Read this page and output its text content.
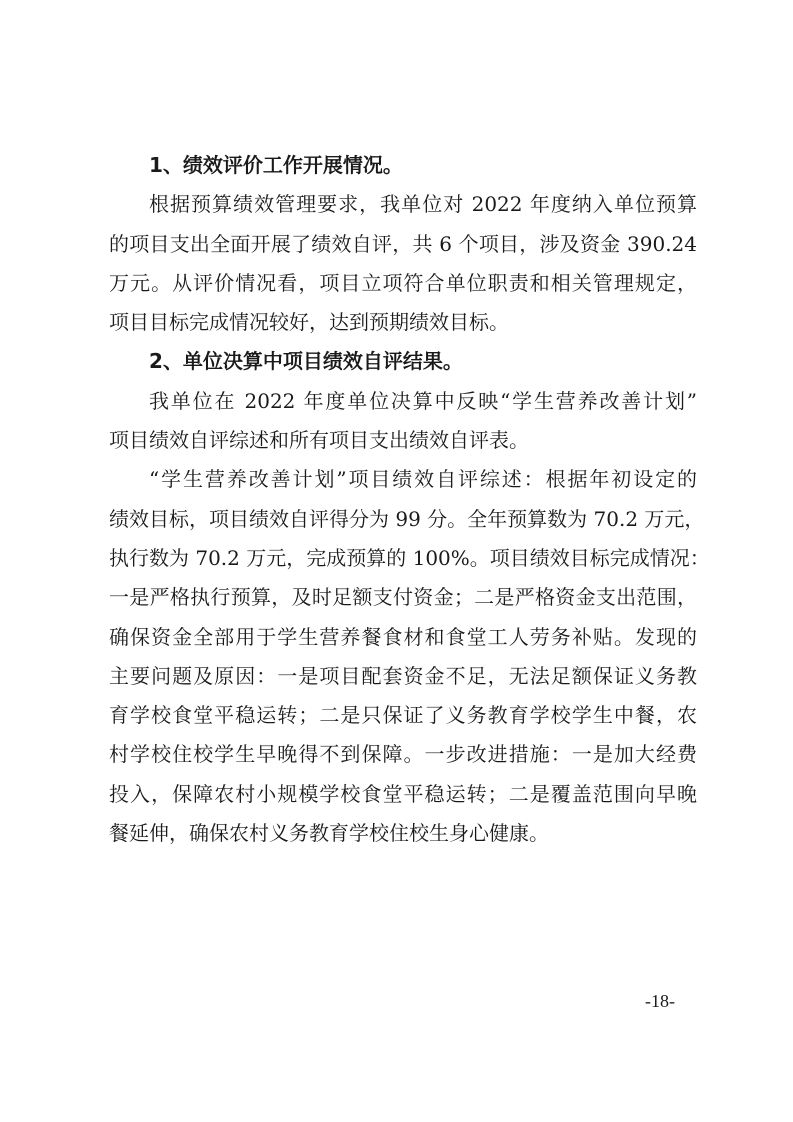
1、绩效评价工作开展情况。
根据预算绩效管理要求，我单位对 2022 年度纳入单位预算
的项目支出全面开展了绩效自评，共 6 个项目，涉及资金 390.24
万元。从评价情况看，项目立项符合单位职责和相关管理规定，
项目目标完成情况较好，达到预期绩效目标。
2、单位决算中项目绩效自评结果。
我单位在 2022 年度单位决算中反映“学生营养改善计划”
项目绩效自评综述和所有项目支出绩效自评表。
“学生营养改善计划”项目绩效自评综述：根据年初设定的
绩效目标，项目绩效自评得分为 99 分。全年预算数为 70.2 万元，
执行数为 70.2 万元，完成预算的 100%。项目绩效目标完成情况：
一是严格执行预算，及时足额支付资金；二是严格资金支出范围，
确保资金全部用于学生营养餐食材和食堂工人劳务补贴。发现的
主要问题及原因：一是项目配套资金不足，无法足额保证义务教
育学校食堂平稳运转；二是只保证了义务教育学校学生中餐，农
村学校住校学生早晚得不到保障。一步改进措施：一是加大经费
投入，保障农村小规模学校食堂平稳运转；二是覆盖范围向早晚
餐延伸，确保农村义务教育学校住校生身心健康。
-18-
